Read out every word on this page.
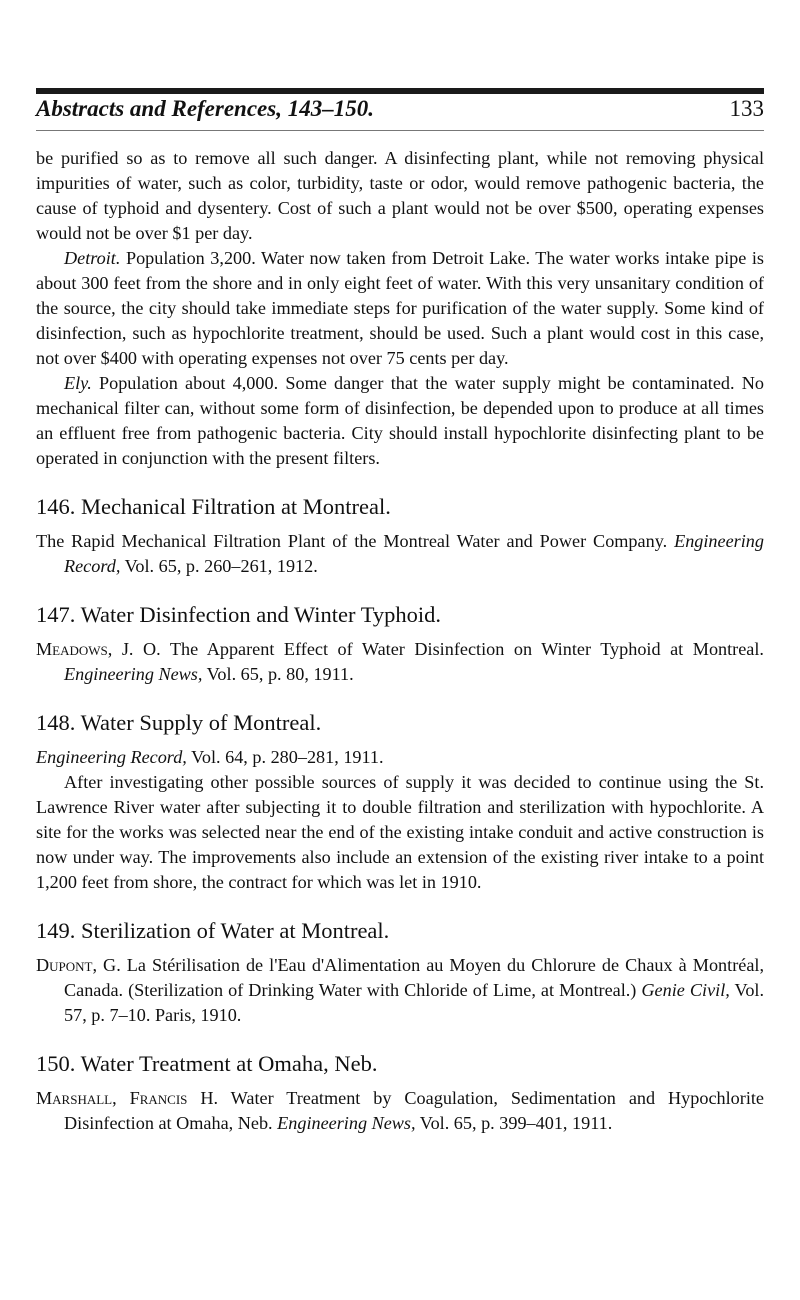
Abstracts and References, 143–150.	133

be purified so as to remove all such danger. A disinfecting plant, while not removing physical impurities of water, such as color, turbidity, taste or odor, would remove pathogenic bacteria, the cause of typhoid and dysentery. Cost of such a plant would not be over $500, operating expenses would not be over $1 per day.

Detroit. Population 3,200. Water now taken from Detroit Lake. The water works intake pipe is about 300 feet from the shore and in only eight feet of water. With this very unsanitary condition of the source, the city should take immediate steps for purification of the water supply. Some kind of disinfection, such as hypochlorite treatment, should be used. Such a plant would cost in this case, not over $400 with operating expenses not over 75 cents per day.

Ely. Population about 4,000. Some danger that the water supply might be contaminated. No mechanical filter can, without some form of disinfection, be depended upon to produce at all times an effluent free from pathogenic bacteria. City should install hypochlorite disinfecting plant to be operated in conjunction with the present filters.

146. Mechanical Filtration at Montreal.

The Rapid Mechanical Filtration Plant of the Montreal Water and Power Company. Engineering Record, Vol. 65, p. 260–261, 1912.

147. Water Disinfection and Winter Typhoid.

Meadows, J. O. The Apparent Effect of Water Disinfection on Winter Typhoid at Montreal. Engineering News, Vol. 65, p. 80, 1911.

148. Water Supply of Montreal.

Engineering Record, Vol. 64, p. 280–281, 1911.

After investigating other possible sources of supply it was decided to continue using the St. Lawrence River water after subjecting it to double filtration and sterilization with hypochlorite. A site for the works was selected near the end of the existing intake conduit and active construction is now under way. The improvements also include an extension of the existing river intake to a point 1,200 feet from shore, the contract for which was let in 1910.

149. Sterilization of Water at Montreal.

Dupont, G. La Stérilisation de l'Eau d'Alimentation au Moyen du Chlorure de Chaux à Montréal, Canada. (Sterilization of Drinking Water with Chloride of Lime, at Montreal.) Genie Civil, Vol. 57, p. 7–10. Paris, 1910.

150. Water Treatment at Omaha, Neb.

Marshall, Francis H. Water Treatment by Coagulation, Sedimentation and Hypochlorite Disinfection at Omaha, Neb. Engineering News, Vol. 65, p. 399–401, 1911.
